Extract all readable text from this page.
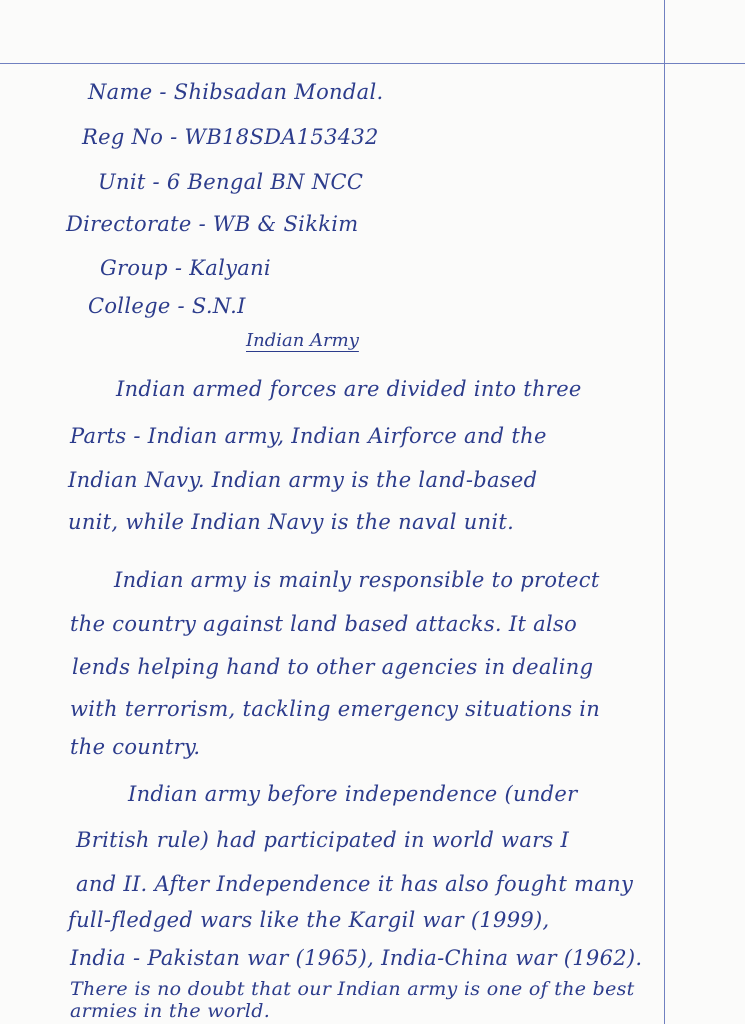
Name - Shibsadan Mondal.
Reg No - WB18SDA153432
Unit - 6 Bengal BN NCC
Directorate - WB & Sikkim
Group - Kalyani
College - S.N.I
Indian Army
Indian armed forces are divided into three
Parts - Indian army, Indian Airforce and the
Indian Navy. Indian army is the land-based
unit, while Indian Navy is the naval unit.
Indian army is mainly responsible to protect
the country against land based attacks. It also
lends helping hand to other agencies in dealing
with terrorism, tackling emergency situations in
the country.
Indian army before independence (under
British rule) had participated in world wars I
and II. After Independence it has also fought many
full-fledged wars like the Kargil war (1999),
India - Pakistan war (1965), India-China war (1962).
There is no doubt that our Indian army is one of the best
armies in the world.
